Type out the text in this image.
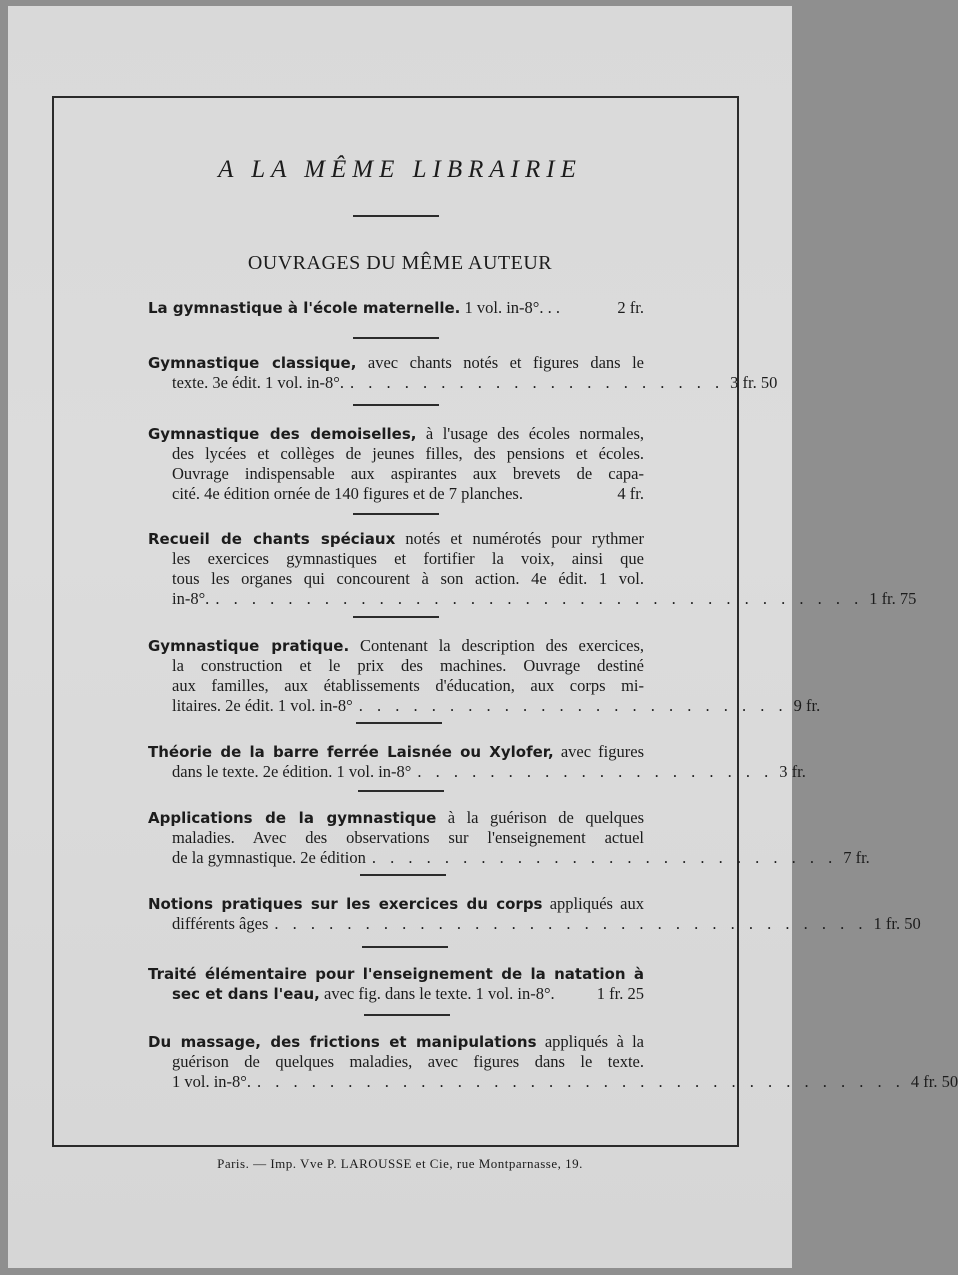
A LA MÊME LIBRAIRIE
OUVRAGES DU MÊME AUTEUR
La gymnastique à l'école maternelle. 1 vol. in-8°. . .	2 fr.
Gymnastique classique, avec chants notés et figures dans le
texte. 3e édit. 1 vol. in-8°. . . . . . . . . . . . . . . . . . . . . . 3 fr. 50
Gymnastique des demoiselles, à l'usage des écoles normales,
des lycées et collèges de jeunes filles, des pensions et écoles.
Ouvrage indispensable aux aspirantes aux brevets de capa-
cité. 4e édition ornée de 140 figures et de 7 planches.	4 fr.
Recueil de chants spéciaux notés et numérotés pour rythmer
les exercices gymnastiques et fortifier la voix, ainsi que
tous les organes qui concourent à son action. 4e édit. 1 vol.
in-8°. . . . . . . . . . . . . . . . . . . . . . . . . . . . . . . . . . . . . 1 fr. 75
Gymnastique pratique. Contenant la description des exercices,
la construction et le prix des machines. Ouvrage destiné
aux familles, aux établissements d'éducation, aux corps mi-
litaires. 2e édit. 1 vol. in-8° . . . . . . . . . . . . . . . . . . . . . . . . 9 fr.
Théorie de la barre ferrée Laisnée ou Xylofer, avec figures
dans le texte. 2e édition. 1 vol. in-8° . . . . . . . . . . . . . . . . . . . . 3 fr.
Applications de la gymnastique à la guérison de quelques
maladies. Avec des observations sur l'enseignement actuel
de la gymnastique. 2e édition . . . . . . . . . . . . . . . . . . . . . . . . . . 7 fr.
Notions pratiques sur les exercices du corps appliqués aux
différents âges . . . . . . . . . . . . . . . . . . . . . . . . . . . . . . . . . 1 fr. 50
Traité élémentaire pour l'enseignement de la natation à
sec et dans l'eau, avec fig. dans le texte. 1 vol. in-8°.	1 fr. 25
Du massage, des frictions et manipulations appliqués à la
guérison de quelques maladies, avec figures dans le texte.
1 vol. in-8°. . . . . . . . . . . . . . . . . . . . . . . . . . . . . . . . . . . . . 4 fr. 50
Paris. — Imp. Vve P. LAROUSSE et Cie, rue Montparnasse, 19.
